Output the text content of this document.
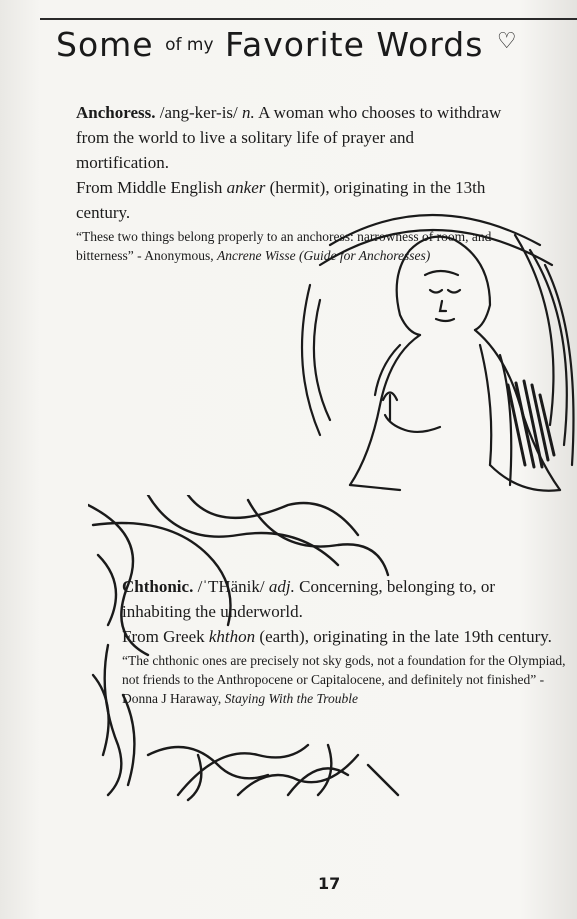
Some of my Favorite Words ♡
Anchoress. /ang-ker-is/ n. A woman who chooses to withdraw from the world to live a solitary life of prayer and mortification.
From Middle English anker (hermit), originating in the 13th century.
“These two things belong properly to an anchoress: narrowness of room, and bitterness” - Anonymous, Ancrene Wisse (Guide for Anchoresses)
Chthonic. /ˈTHänik/ adj. Concerning, belonging to, or inhabiting the underworld.
From Greek khthon (earth), originating in the late 19th century.
“The chthonic ones are precisely not sky gods, not a foundation for the Olympiad, not friends to the Anthropocene or Capitalocene, and definitely not finished” - Donna J Haraway, Staying With the Trouble
17
